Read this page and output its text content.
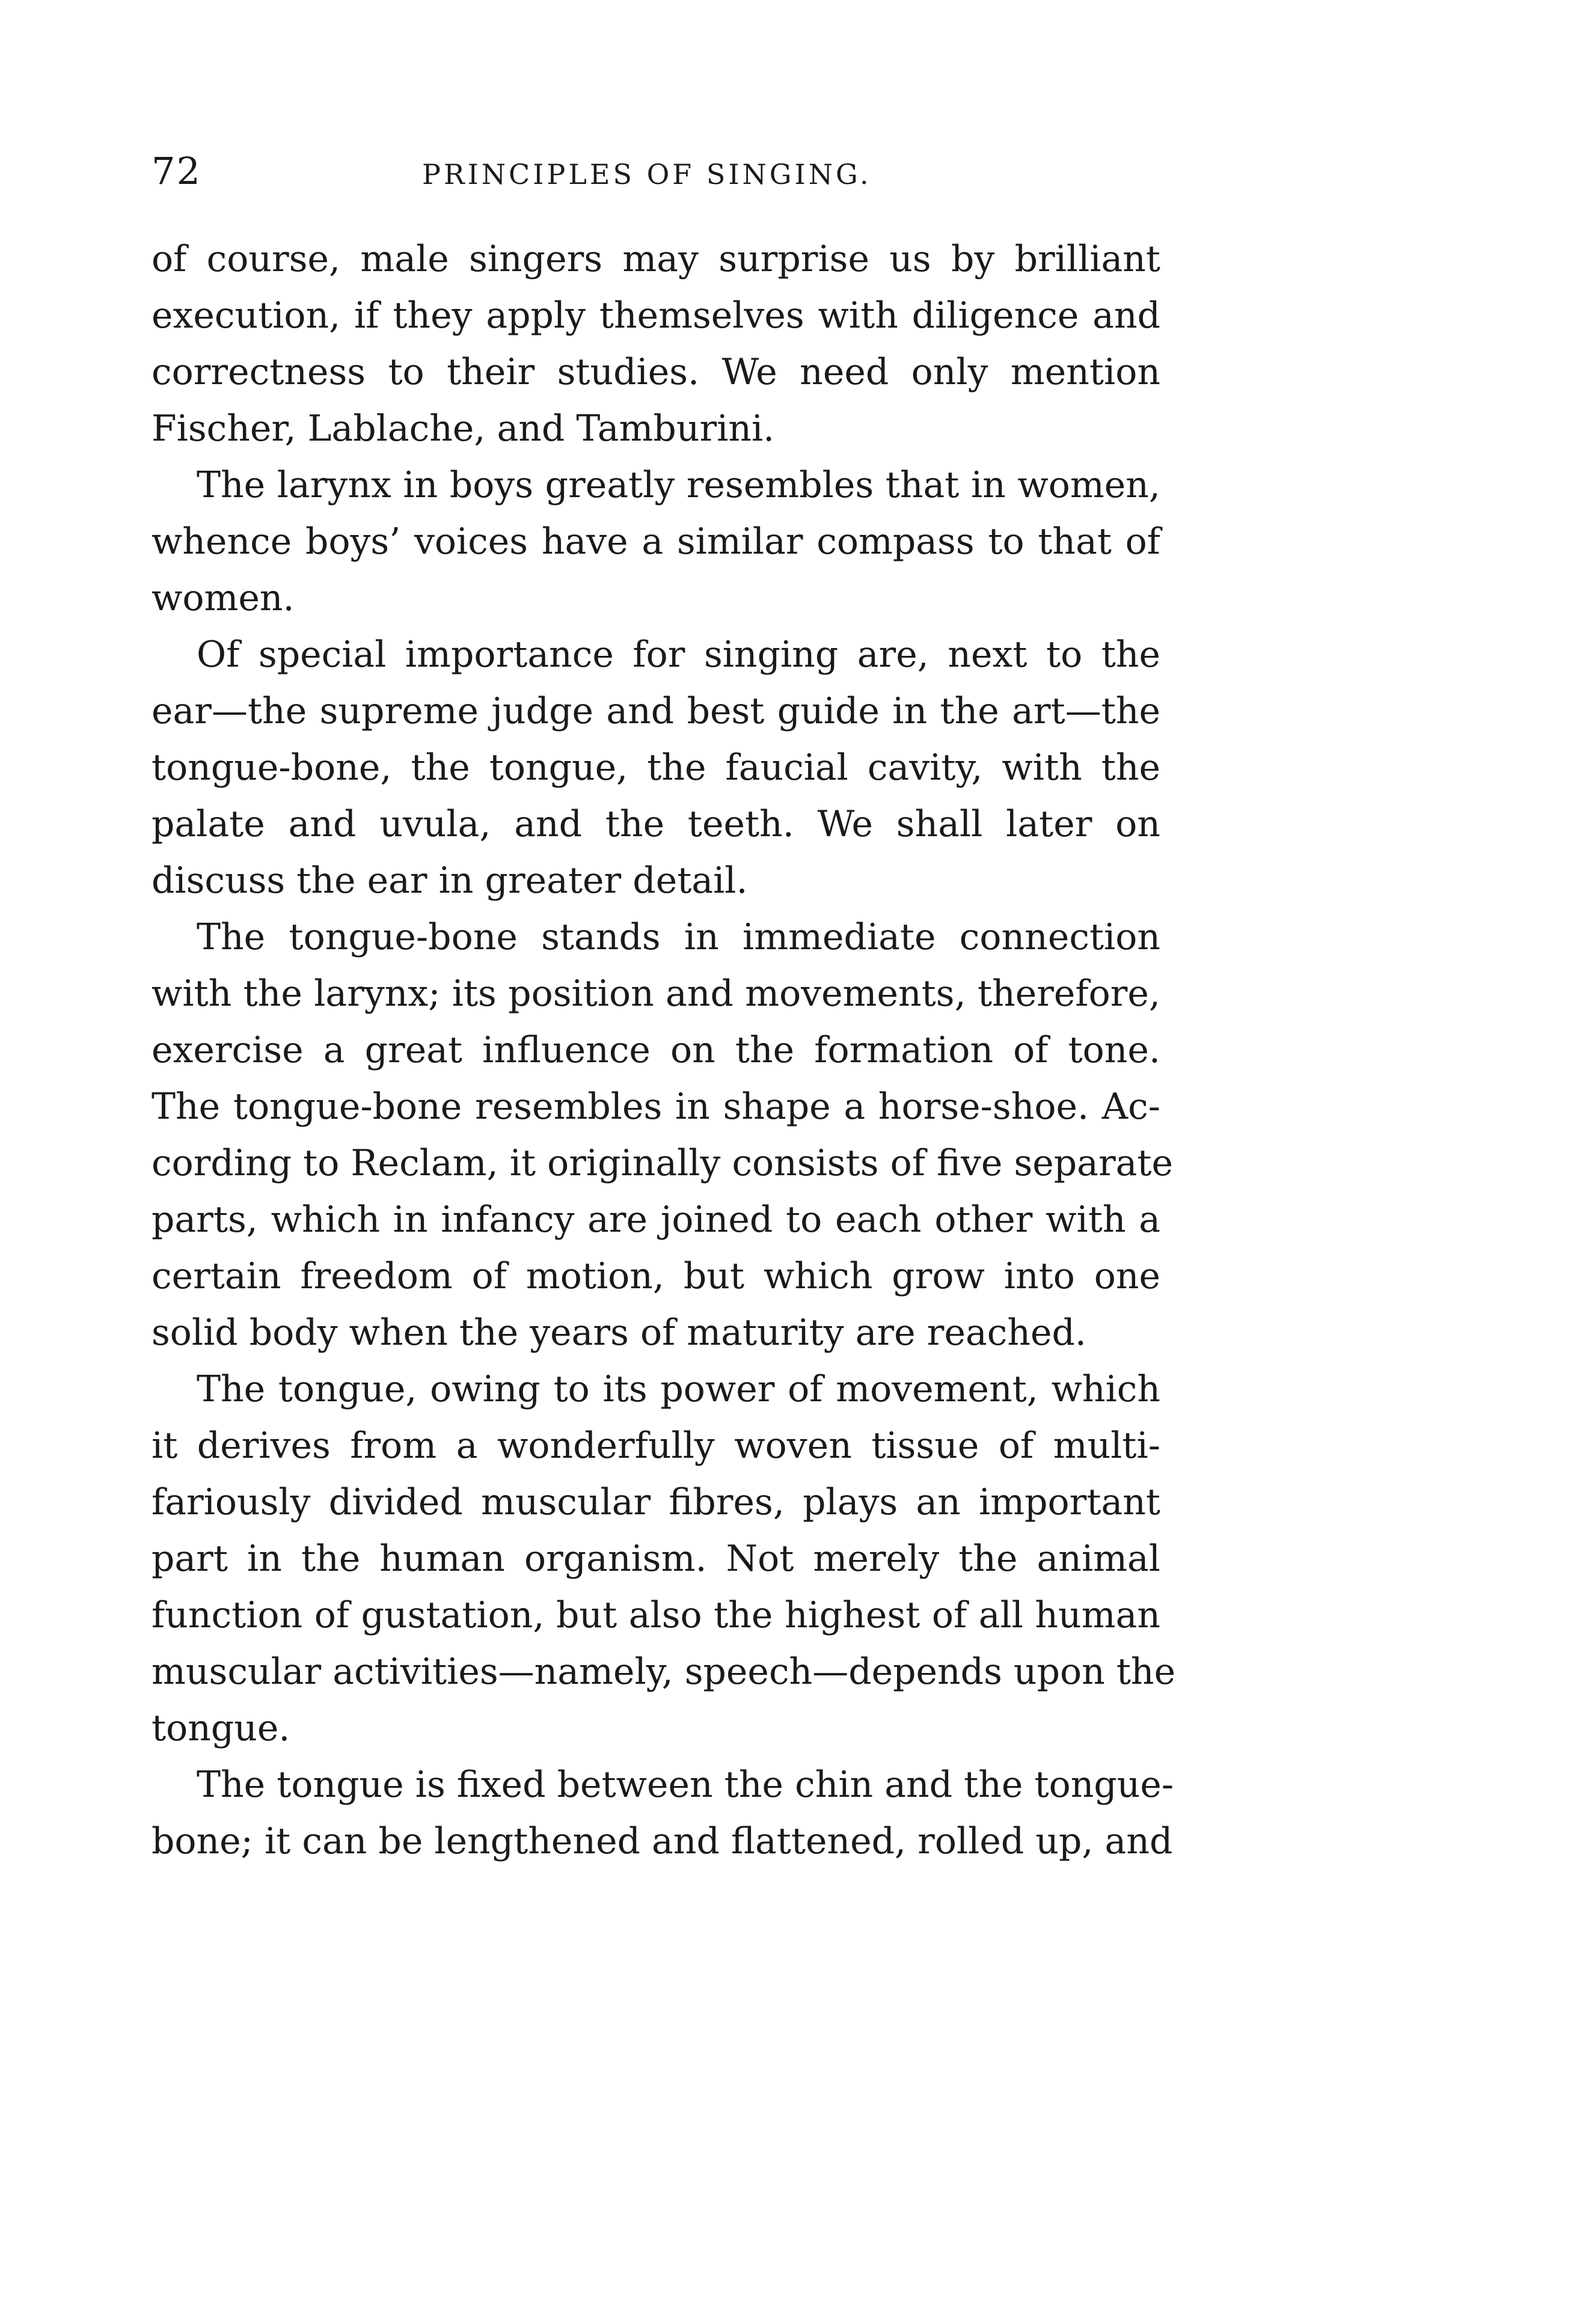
72	PRINCIPLES OF SINGING.
of course, male singers may surprise us by brilliant
execution, if they apply themselves with diligence and
correctness to their studies. We need only mention
Fischer, Lablache, and Tamburini.
The larynx in boys greatly resembles that in women,
whence boys’ voices have a similar compass to that of
women.
Of special importance for singing are, next to the
ear—the supreme judge and best guide in the art—the
tongue-bone, the tongue, the faucial cavity, with the
palate and uvula, and the teeth. We shall later on
discuss the ear in greater detail.
The tongue-bone stands in immediate connection
with the larynx; its position and movements, therefore,
exercise a great influence on the formation of tone.
The tongue-bone resembles in shape a horse-shoe. Ac-
cording to Reclam, it originally consists of five separate
parts, which in infancy are joined to each other with a
certain freedom of motion, but which grow into one
solid body when the years of maturity are reached.
The tongue, owing to its power of movement, which
it derives from a wonderfully woven tissue of multi-
fariously divided muscular fibres, plays an important
part in the human organism. Not merely the animal
function of gustation, but also the highest of all human
muscular activities—namely, speech—depends upon the
tongue.
The tongue is fixed between the chin and the tongue-
bone; it can be lengthened and flattened, rolled up, and
